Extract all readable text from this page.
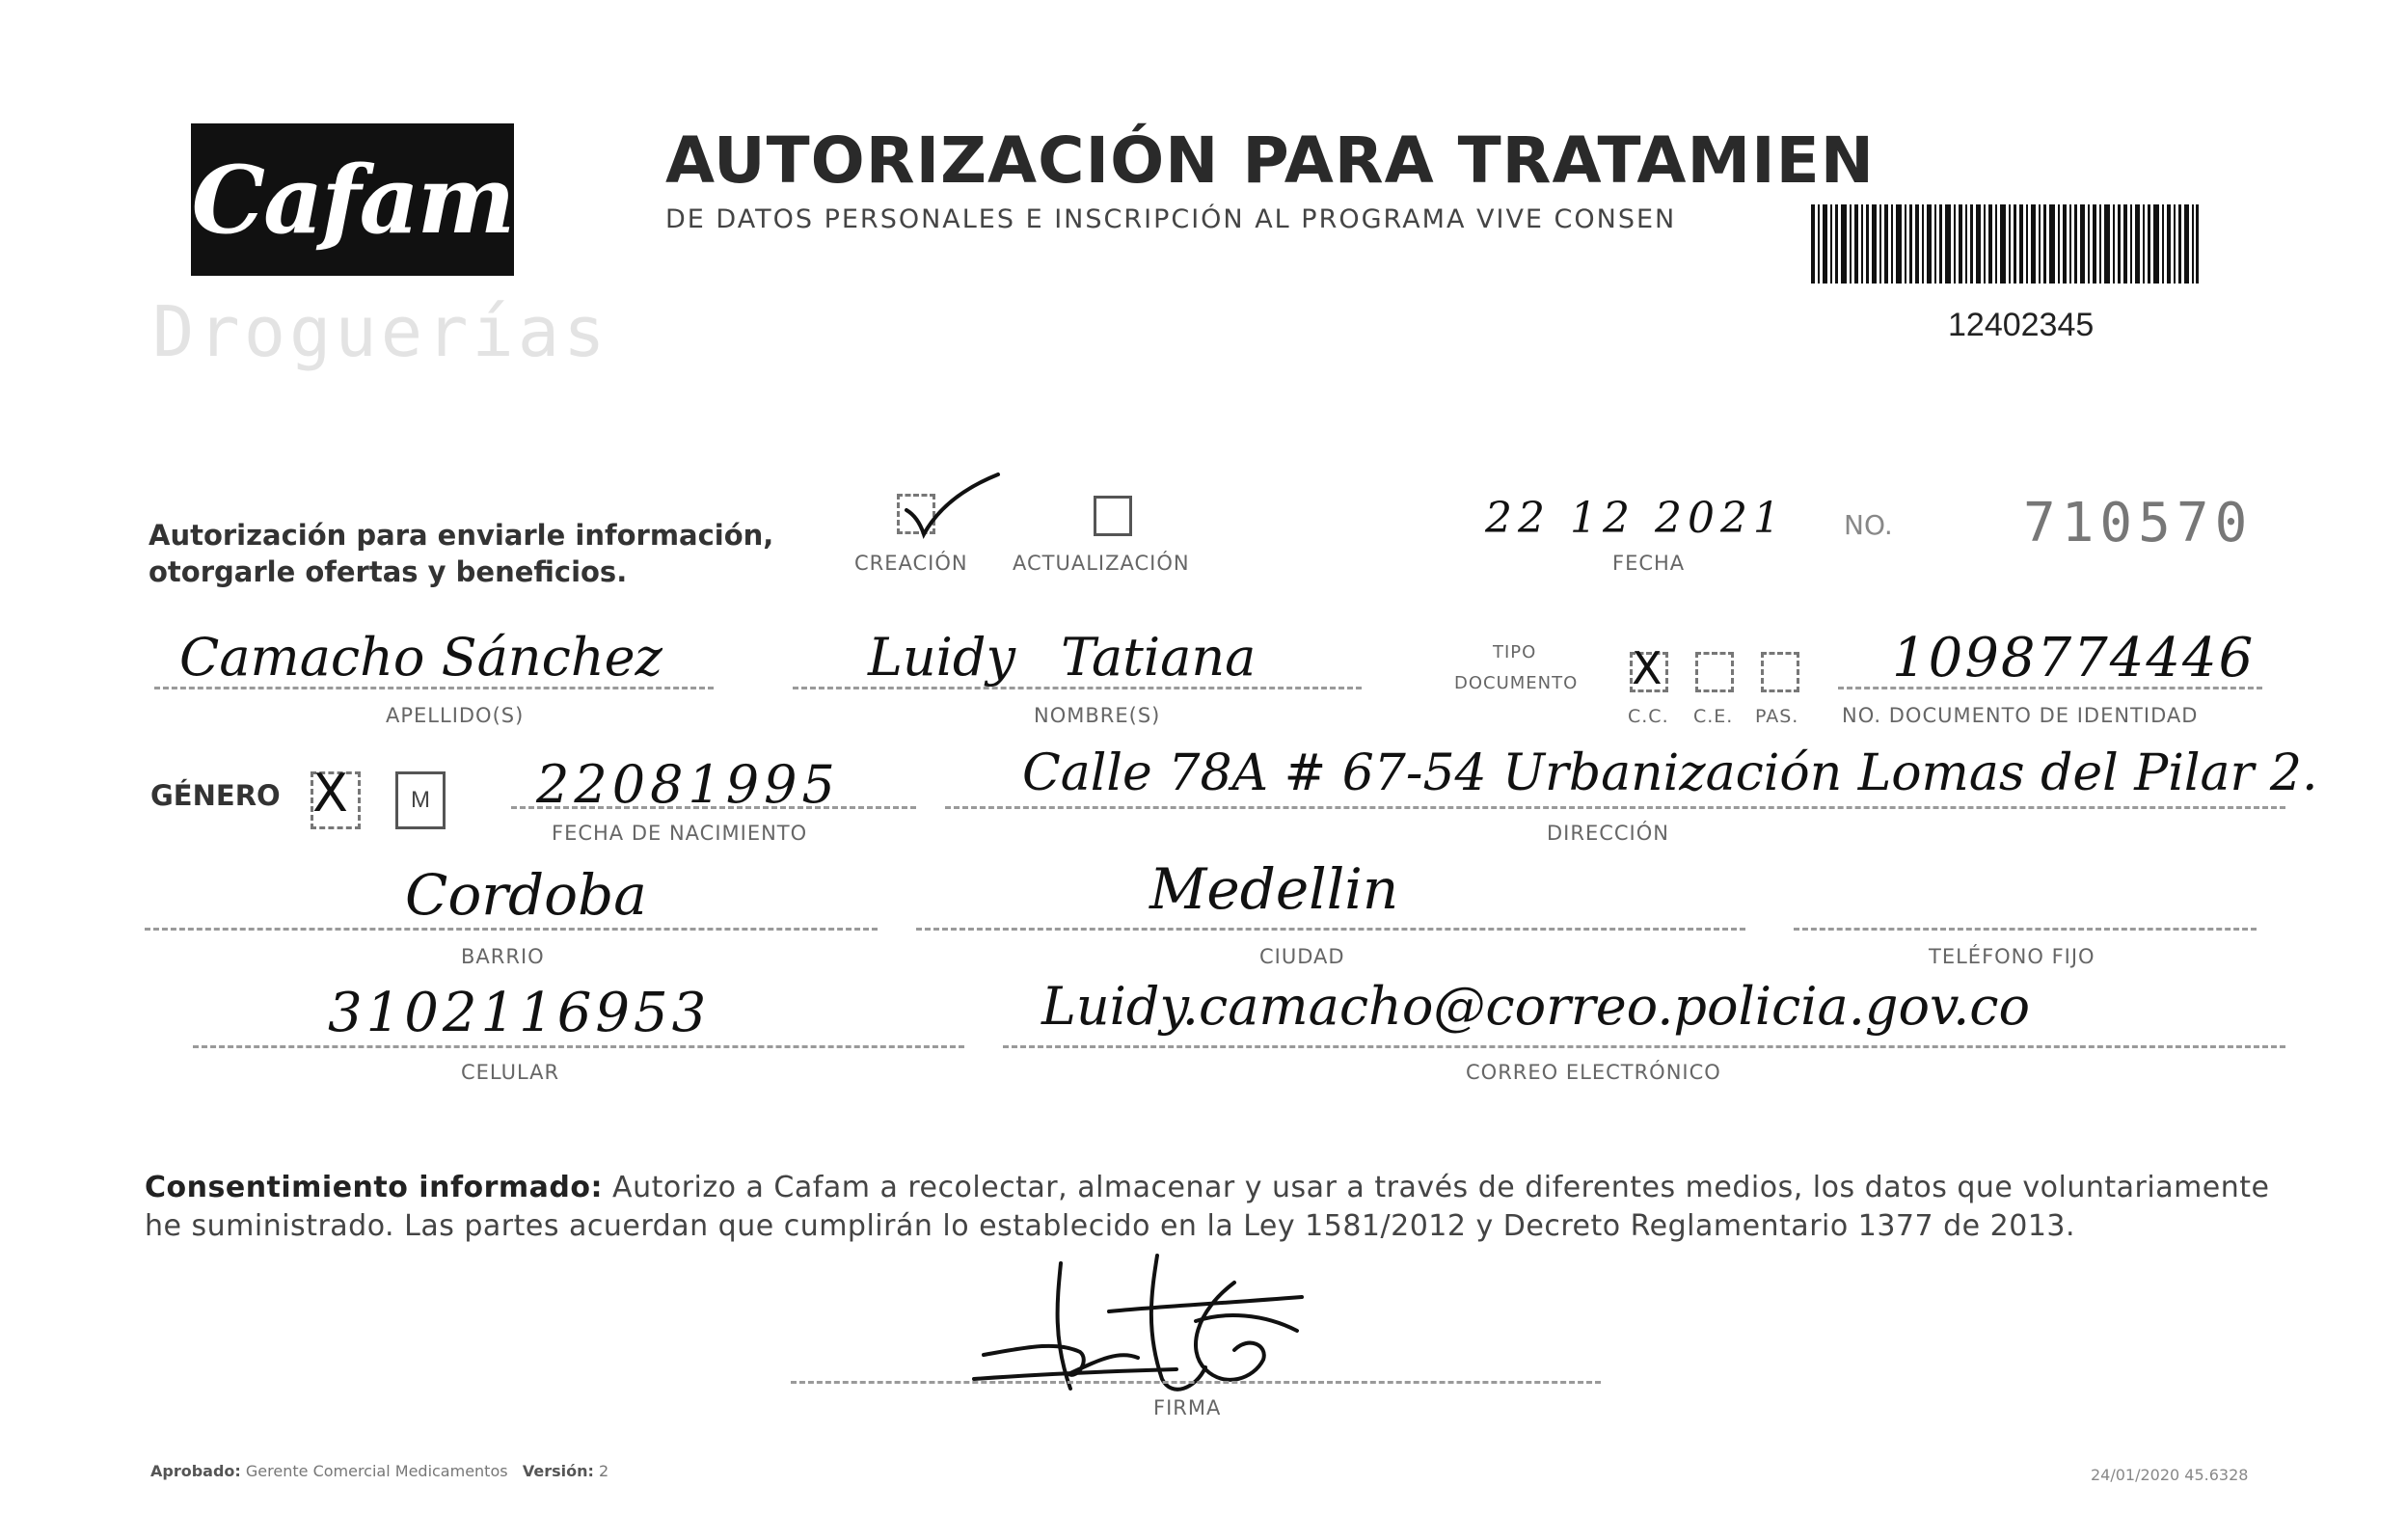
Cafam
Droguerías
AUTORIZACIÓN PARA TRATAMIEN
DE DATOS PERSONALES E INSCRIPCIÓN AL PROGRAMA VIVE CONSEN
12402345
Autorización para enviarle información,
otorgarle ofertas y beneficios.	CREACIÓN ACTUALIZACIÓN
22 12 2021
FECHA
NO. 710570
Camacho Sánchez
APELLIDO(S)
Luidy Tatiana
NOMBRE(S)
TIPO
DOCUMENTO X
C.C. C.E. PAS.
1098774446
NO. DOCUMENTO DE IDENTIDAD
GÉNERO X	M 22081995
FECHA DE NACIMIENTO
Calle 78A # 67-54 Urbanización Lomas del Pilar 2.
DIRECCIÓN
Cordoba
BARRIO
Medellin
CIUDAD	TELÉFONO FIJO
3102116953
CELULAR
Luidy.camacho@correo.policia.gov.co
CORREO ELECTRÓNICO
Consentimiento informado: Autorizo a Cafam a recolectar, almacenar y usar a través de diferentes medios, los datos que voluntariamente he suministrado. Las partes acuerdan que cumplirán lo establecido en la Ley 1581/2012 y Decreto Reglamentario 1377 de 2013.
FIRMA
Aprobado: Gerente Comercial Medicamentos Versión: 2	24/01/2020 45.6328
